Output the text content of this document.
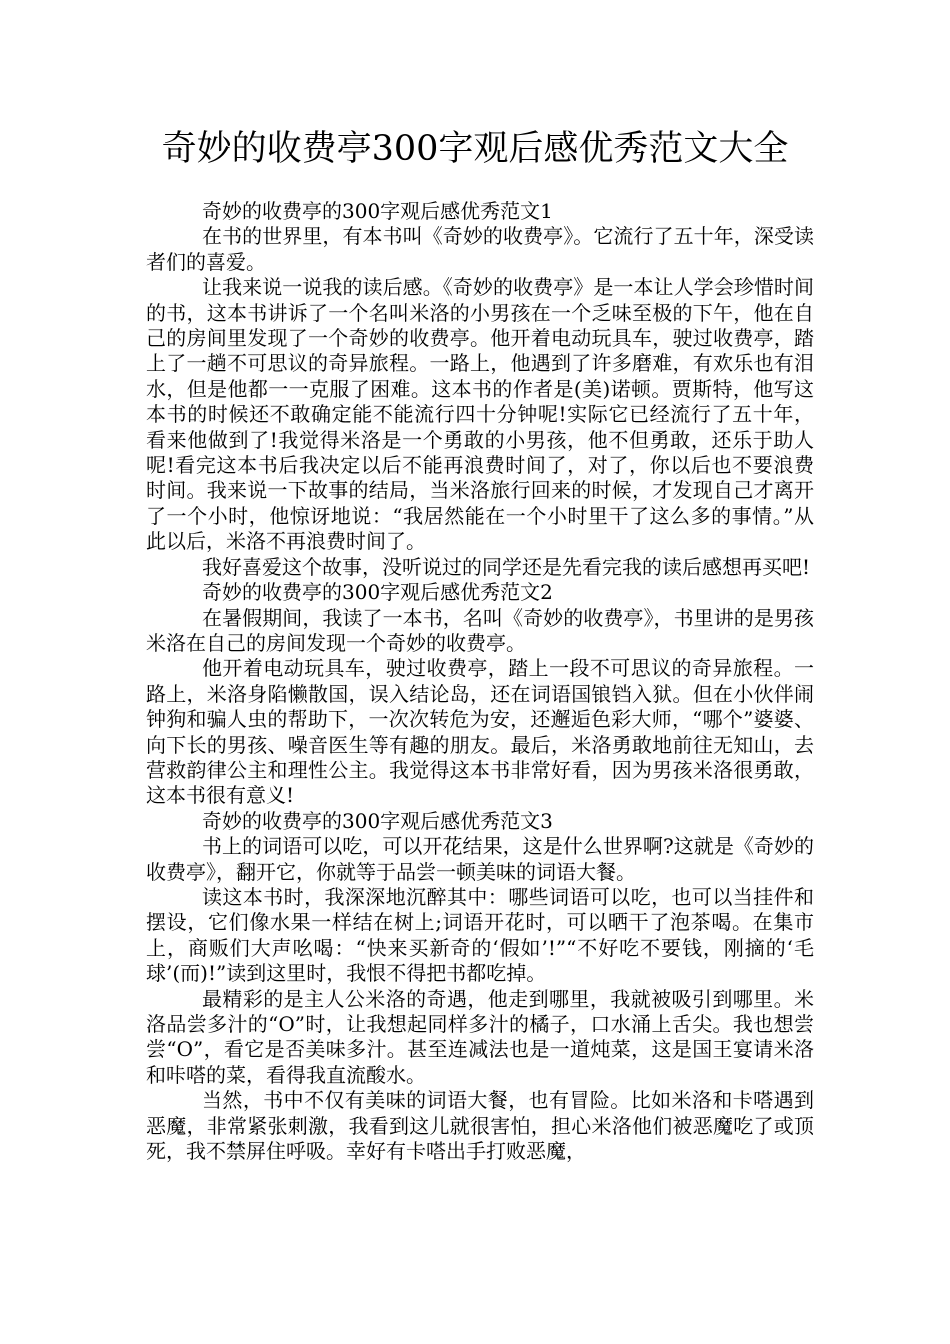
奇妙的收费亭300字观后感优秀范文大全

奇妙的收费亭的300字观后感优秀范文1

在书的世界里，有本书叫《奇妙的收费亭》。它流行了五十年，深受读者们的喜爱。

让我来说一说我的读后感。《奇妙的收费亭》是一本让人学会珍惜时间的书，这本书讲诉了一个名叫米洛的小男孩在一个乏味至极的下午，他在自己的房间里发现了一个奇妙的收费亭。他开着电动玩具车，驶过收费亭，踏上了一趟不可思议的奇异旅程。一路上，他遇到了许多磨难，有欢乐也有泪水，但是他都一一克服了困难。这本书的作者是(美)诺顿。贾斯特，他写这本书的时候还不敢确定能不能流行四十分钟呢!实际它已经流行了五十年，看来他做到了!我觉得米洛是一个勇敢的小男孩，他不但勇敢，还乐于助人呢!看完这本书后我决定以后不能再浪费时间了，对了，你以后也不要浪费时间。我来说一下故事的结局，当米洛旅行回来的时候，才发现自己才离开了一个小时，他惊讶地说：“我居然能在一个小时里干了这么多的事情。”从此以后，米洛不再浪费时间了。

我好喜爱这个故事，没听说过的同学还是先看完我的读后感想再买吧!

奇妙的收费亭的300字观后感优秀范文2

在暑假期间，我读了一本书，名叫《奇妙的收费亭》，书里讲的是男孩米洛在自己的房间发现一个奇妙的收费亭。

他开着电动玩具车，驶过收费亭，踏上一段不可思议的奇异旅程。一路上，米洛身陷懒散国，误入结论岛，还在词语国锒铛入狱。但在小伙伴闹钟狗和骗人虫的帮助下，一次次转危为安，还邂逅色彩大师，“哪个”婆婆、向下长的男孩、噪音医生等有趣的朋友。最后，米洛勇敢地前往无知山，去营救韵律公主和理性公主。我觉得这本书非常好看，因为男孩米洛很勇敢，这本书很有意义!

奇妙的收费亭的300字观后感优秀范文3

书上的词语可以吃，可以开花结果，这是什么世界啊?这就是《奇妙的收费亭》，翻开它，你就等于品尝一顿美味的词语大餐。

读这本书时，我深深地沉醉其中：哪些词语可以吃，也可以当挂件和摆设，它们像水果一样结在树上;词语开花时，可以晒干了泡茶喝。在集市上，商贩们大声吆喝：“快来买新奇的‘假如’!”“不好吃不要钱，刚摘的‘毛球’(而)!”读到这里时，我恨不得把书都吃掉。

最精彩的是主人公米洛的奇遇，他走到哪里，我就被吸引到哪里。米洛品尝多汁的“O”时，让我想起同样多汁的橘子，口水涌上舌尖。我也想尝尝“O”，看它是否美味多汁。甚至连减法也是一道炖菜，这是国王宴请米洛和咔嗒的菜，看得我直流酸水。

当然，书中不仅有美味的词语大餐，也有冒险。比如米洛和卡嗒遇到恶魔，非常紧张刺激，我看到这儿就很害怕，担心米洛他们被恶魔吃了或顶死，我不禁屏住呼吸。幸好有卡嗒出手打败恶魔，
